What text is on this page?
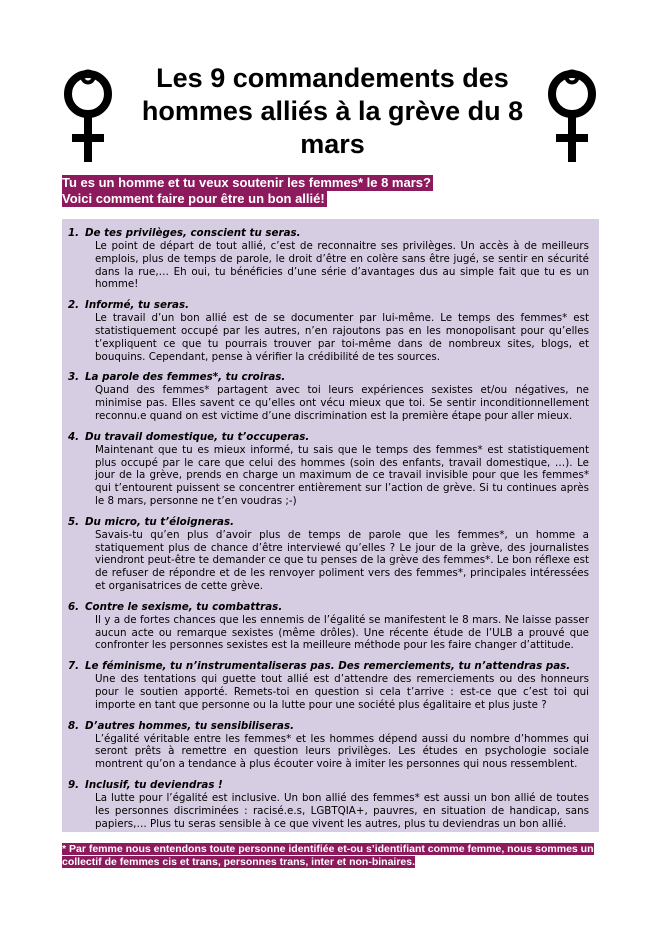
Les 9 commandements des hommes alliés à la grève du 8 mars
Tu es un homme et tu veux soutenir les femmes* le 8 mars?
Voici comment faire pour être un bon allié!
1. De tes privilèges, conscient tu seras.
Le point de départ de tout allié, c’est de reconnaitre ses privilèges. Un accès à de meilleurs emplois, plus de temps de parole, le droit d’être en colère sans être jugé, se sentir en sécurité dans la rue,… Eh oui, tu bénéficies d’une série d’avantages dus au simple fait que tu es un homme!
2. Informé, tu seras.
Le travail d’un bon allié est de se documenter par lui-même. Le temps des femmes* est statistiquement occupé par les autres, n’en rajoutons pas en les monopolisant pour qu’elles t’expliquent ce que tu pourrais trouver par toi-même dans de nombreux sites, blogs, et bouquins. Cependant, pense à vérifier la crédibilité de tes sources.
3. La parole des femmes*, tu croiras.
Quand des femmes* partagent avec toi leurs expériences sexistes et/ou négatives, ne minimise pas. Elles savent ce qu’elles ont vécu mieux que toi. Se sentir inconditionnellement reconnu.e quand on est victime d’une discrimination est la première étape pour aller mieux.
4. Du travail domestique, tu t’occuperas.
Maintenant que tu es mieux informé, tu sais que le temps des femmes* est statistiquement plus occupé par le care que celui des hommes (soin des enfants, travail domestique, …). Le jour de la grève, prends en charge un maximum de ce travail invisible pour que les femmes* qui t’entourent puissent se concentrer entièrement sur l’action de grève. Si tu continues après le 8 mars, personne ne t’en voudras ;-)
5. Du micro, tu t’éloigneras.
Savais-tu qu’en plus d’avoir plus de temps de parole que les femmes*, un homme a statiquement plus de chance d’être interviewé qu’elles ? Le jour de la grève, des journalistes viendront peut-être te demander ce que tu penses de la grève des femmes*. Le bon réflexe est de refuser de répondre et de les renvoyer poliment vers des femmes*, principales intéressées et organisatrices de cette grève.
6. Contre le sexisme, tu combattras.
Il y a de fortes chances que les ennemis de l’égalité se manifestent le 8 mars. Ne laisse passer aucun acte ou remarque sexistes (même drôles). Une récente étude de l’ULB a prouvé que confronter les personnes sexistes est la meilleure méthode pour les faire changer d’attitude.
7. Le féminisme, tu n’instrumentaliseras pas. Des remerciements, tu n’attendras pas.
Une des tentations qui guette tout allié est d’attendre des remerciements ou des honneurs pour le soutien apporté. Remets-toi en question si cela t’arrive : est-ce que c’est toi qui importe en tant que personne ou la lutte pour une société plus égalitaire et plus juste ?
8. D’autres hommes, tu sensibiliseras.
L’égalité véritable entre les femmes* et les hommes dépend aussi du nombre d’hommes qui seront prêts à remettre en question leurs privilèges. Les études en psychologie sociale montrent qu’on a tendance à plus écouter voire à imiter les personnes qui nous ressemblent.
9. Inclusif, tu deviendras !
La lutte pour l’égalité est inclusive. Un bon allié des femmes* est aussi un bon allié de toutes les personnes discriminées : racisé.e.s, LGBTQIA+, pauvres, en situation de handicap, sans papiers,… Plus tu seras sensible à ce que vivent les autres, plus tu deviendras un bon allié.
* Par femme nous entendons toute personne identifiée et-ou s’identifiant comme femme, nous sommes un collectif de femmes cis et trans, personnes trans, inter et non-binaires.
